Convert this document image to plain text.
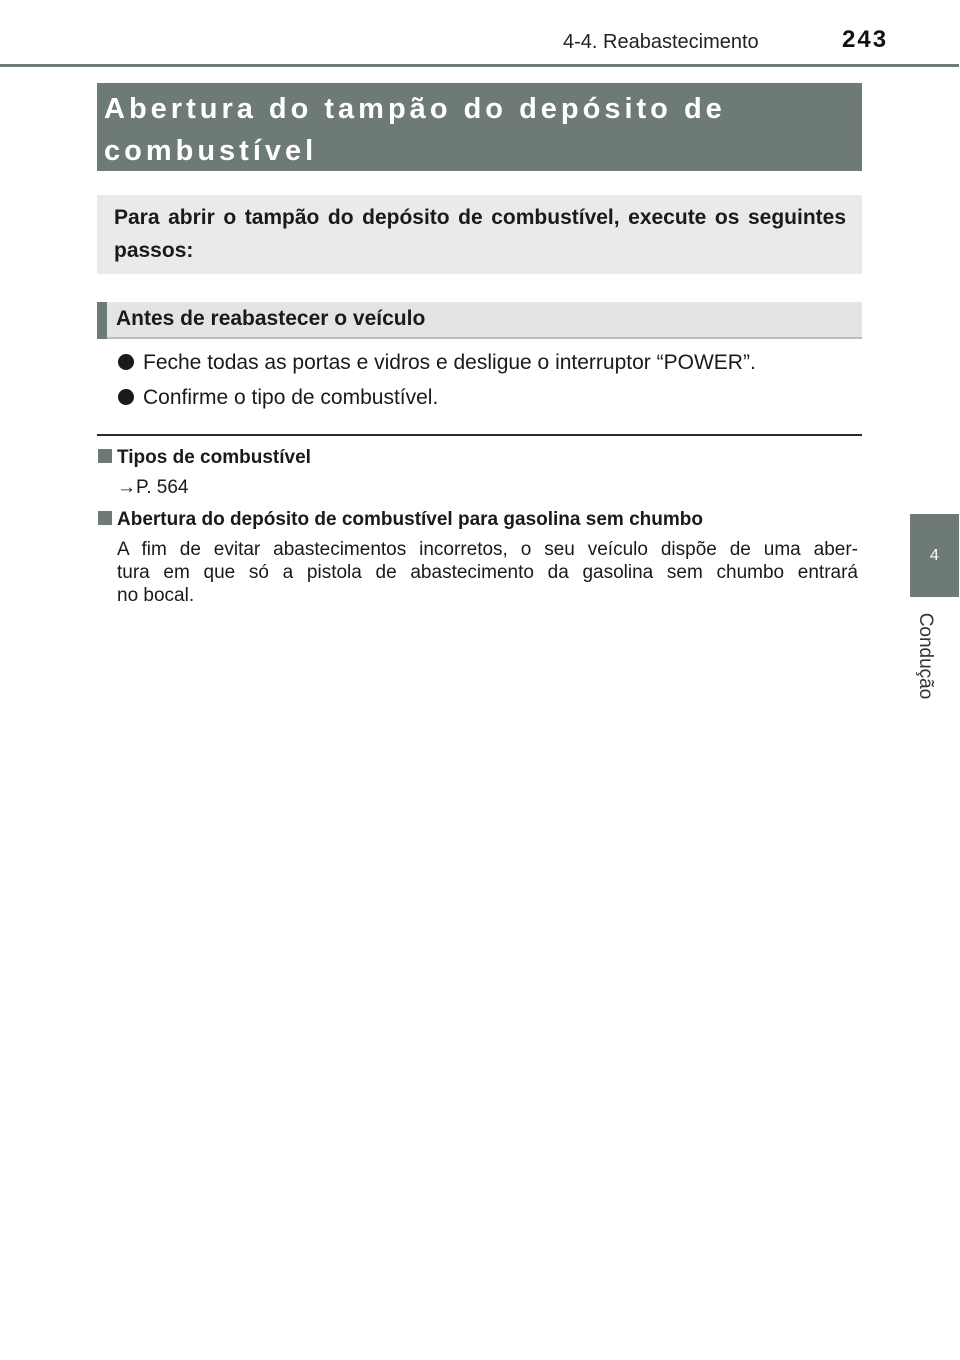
4-4. Reabastecimento	243
4
Condução
Abertura do tampão do depósito de combustível
Para abrir o tampão do depósito de combustível, execute os seguintes passos:
Antes de reabastecer o veículo
Feche todas as portas e vidros e desligue o interruptor “POWER”.
Confirme o tipo de combustível.
Tipos de combustível
→P. 564
Abertura do depósito de combustível para gasolina sem chumbo
A fim de evitar abastecimentos incorretos, o seu veículo dispõe de uma aber-
tura em que só a pistola de abastecimento da gasolina sem chumbo entrará
no bocal.
